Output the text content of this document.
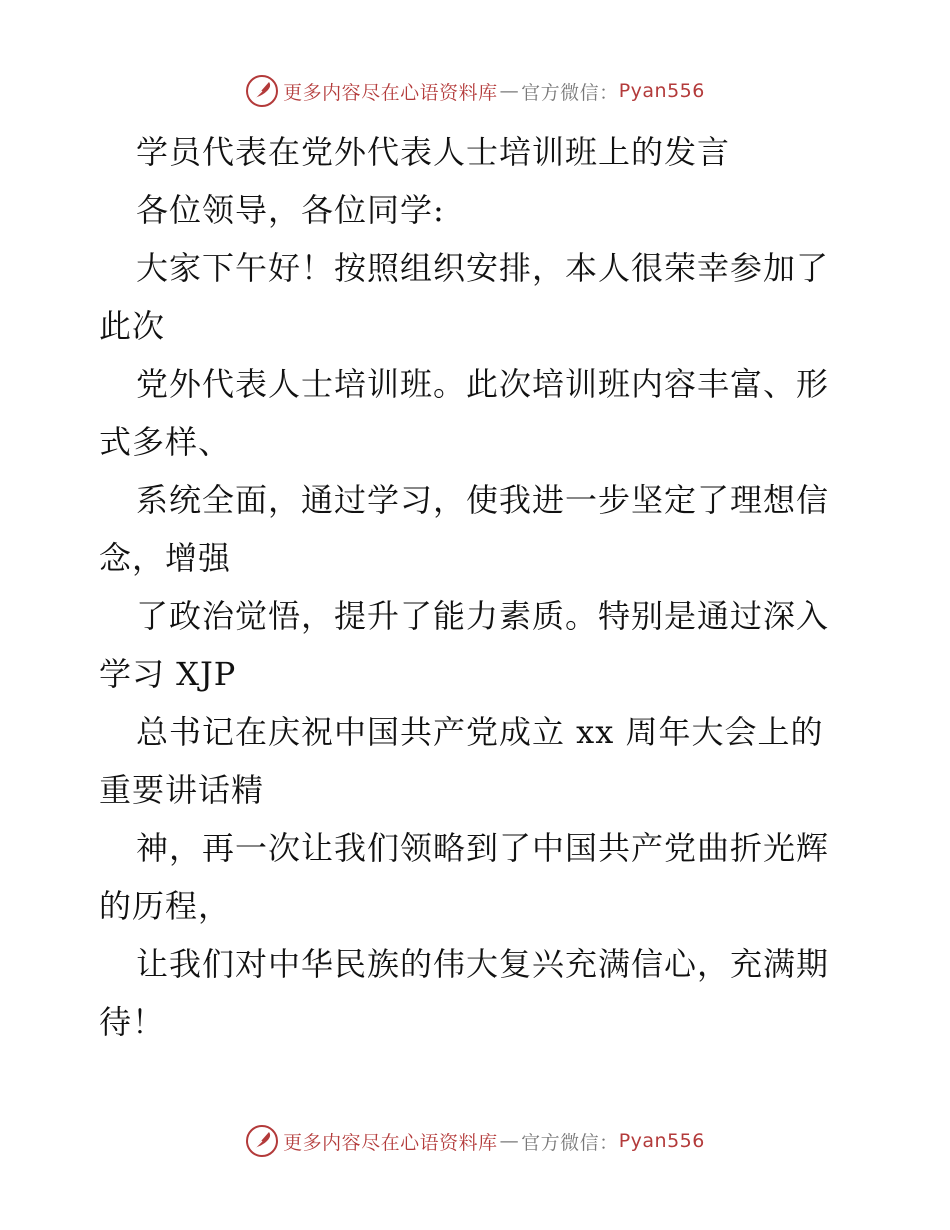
更多内容尽在心语资料库 — 官方微信： Pyan556
学员代表在党外代表人士培训班上的发言
各位领导，各位同学:
大家下午好！按照组织安排，本人很荣幸参加了
此次
党外代表人士培训班。此次培训班内容丰富、形
式多样、
系统全面，通过学习，使我进一步坚定了理想信
念，增强
了政治觉悟，提升了能力素质。特别是通过深入
学习 XJP
总书记在庆祝中国共产党成立 xx 周年大会上的
重要讲话精
神，再一次让我们领略到了中国共产党曲折光辉
的历程，
让我们对中华民族的伟大复兴充满信心，充满期
待！
更多内容尽在心语资料库 — 官方微信： Pyan556
